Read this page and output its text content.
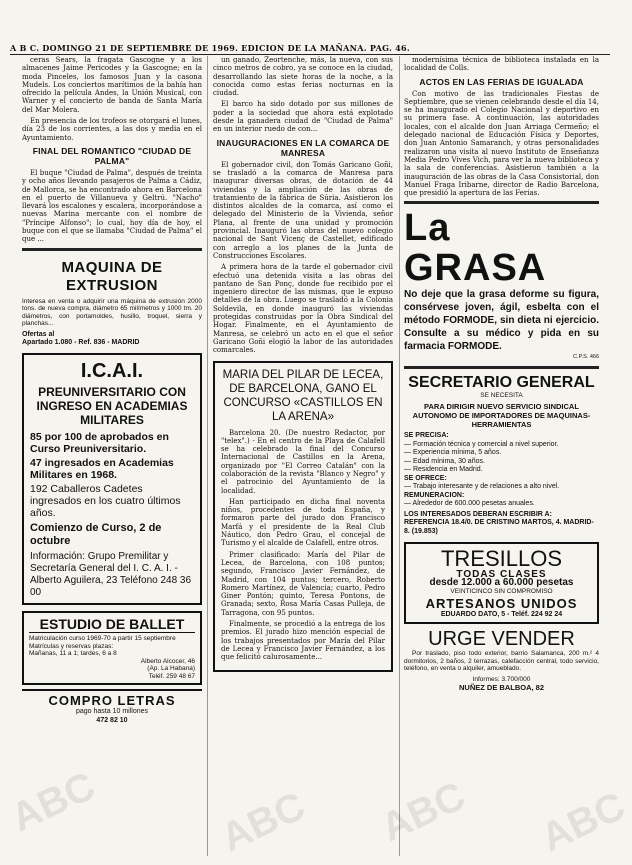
A B C. DOMINGO 21 DE SEPTIEMBRE DE 1969. EDICION DE LA MAÑANA. PAG. 46.

ceras Sears, la fragata Gascogne y a los almacenes Jaime Pericodes y la Gascogne; en la moda Pinceles, los famosos Juan y la casona Mudels. Los conciertos marítimos de la bahía han ofrecido la película Andes, la Unión Musical, con Warner y el concierto de banda de Santa María del Mar Molera.

En presencia de los trofeos se otorgará el lunes, día 23 de los corrientes, a las dos y media en el Ayuntamiento.

FINAL DEL ROMANTICO "CIUDAD DE PALMA"

El buque "Ciudad de Palma", después de treinta y ocho años llevando pasajeros de Palma a Cádiz, de Mallorca, se ha encontrado ahora en Barcelona en el puerto de Villanueva y Geltrú. "Nacho" llevará los escalones y escalera, incorporándose a nuevas Marina mercante con el nombre de "Príncipe Alfonso"; lo cual, hoy día de hoy, el buque con el que se llamaba "Ciudad de Palma" el que ...

MAQUINA DE EXTRUSION

Interesa en venta o adquirir una máquina de extrusión 2000 tons. de nueva compra, diámetro 65 milímetros y 1000 tm. 20 diámetros, con portamoldes, husillo, troquel, sierra y planchas...

Ofertas al
Apartado 1.080 - Ref. 836 - MADRID
I.C.A.I.
PREUNIVERSITARIO CON INGRESO EN ACADEMIAS MILITARES
85 por 100 de aprobados en Curso Preuniversitario.
47 ingresados en Academias Militares en 1968.
192 Caballeros Cadetes ingresados en los cuatro últimos años.
Comienzo de Curso, 2 de octubre
Información: Grupo Premilitar y Secretaría General del I. C. A. I. - Alberto Aguilera, 23 Teléfono 248 36 00
ESTUDIO DE BALLET
Matriculación curso 1969-70 a partir 15 septiembre
Matrículas y reservas plazas:
Mañanas, 11 a 1; tardes, 6 a 8
Alberto Alcocer, 46
(Ap. La Habana)
Teléf. 259 48 67
COMPRO LETRAS
pago hasta 10 millones
472 82 10

un ganado, Zeortenche, más, la nueva, con sus cinco metros de cobro, ya se conoce en la ciudad, desarrollando las siete horas de la noche, a la conocida como estas ferias nocturnas en la ciudad.

El barco ha sido dotado por sus millones de poder a la sociedad que ahora está explotado desde la ganadera ciudad de "Ciudad de Palma" en un interior ruedo de con...

INAUGURACIONES EN LA COMARCA DE MANRESA

El gobernador civil, don Tomás Garicano Goñi, se trasladó a la comarca de Manresa para inaugurar diversas obras, de dotación de 44 viviendas y la ampliación de las obras de tratamiento de la fábrica de Súria. Asistieron los distintos alcaldes de la comarca, así como el delegado del Ministerio de la Vivienda, señor Plana, al frente de una unidad y promoción provincial. Inauguró las obras del nuevo colegio nacional de Sant Vicenç de Castellet, edificado con arreglo a los planes de la Junta de Construcciones Escolares.

A primera hora de la tarde el gobernador civil efectuó una detenida visita a las obras del pantano de San Ponç, donde fue recibido por el ingeniero director de las mismas, que le expuso detalles de la obra. Luego se trasladó a la Colonia Soldevila, en donde inauguró las viviendas protegidas construidas por la Obra Sindical del Hogar. Finalmente, en el Ayuntamiento de Manresa, se celebró un acto en el que el señor Garicano Goñi elogió la labor de las autoridades comarcales.

MARIA DEL PILAR DE LECEA, DE BARCELONA, GANO EL CONCURSO «CASTILLOS EN LA ARENA»

Barcelona 20. (De nuestro Redactor, por "telex".) - En el centro de la Playa de Calafell se ha celebrado la final del Concurso Internacional de Castillos en la Arena, organizado por "El Correo Catalán" con la colaboración de la revista "Blanco y Negro" y el patrocinio del Ayuntamiento de la localidad.

Han participado en dicha final noventa niños, procedentes de toda España, y formaron parte del jurado don Francisco Marfá y el presidente de la Real Club Náutico, don Pedro Grau, el concejal de Turismo y el alcalde de Calafell, entre otros.

Primer clasificado: María del Pilar de Lecea, de Barcelona, con 108 puntos; segundo, Francisco Javier Fernández, de Madrid, con 104 puntos; tercero, Roberto Romero Martínez, de Valencia; cuarto, Pedro Giner Pontón; quinto, Teresa Pontons, de Granada; sexto, Rosa María Casas Pulleja, de Tarragona, con 95 puntos.

Finalmente, se procedió a la entrega de los premios. El jurado hizo mención especial de los trabajos presentados por María del Pilar de Lecea y Francisco Javier Fernández, a los que felicitó calurosamente...

modernísima técnica de biblioteca instalada en la localidad de Colls.

ACTOS EN LAS FERIAS DE IGUALADA

Con motivo de las tradicionales Fiestas de Septiembre, que se vienen celebrando desde el día 14, se ha inaugurado el Colegio Nacional y deportivo en su primera fase. A continuación, las autoridades locales, con el alcalde don Juan Arriaga Cermeño; el delegado nacional de Educación Física y Deportes, don Juan Antonio Samaranch, y otras personalidades realizaron una visita al nuevo Instituto de Enseñanza Media Pedro Vives Vich, para ver la nueva biblioteca y la sala de conferencias. Asistieron también a la inauguración de las obras de la Casa Consistorial, don Manuel Fraga Iribarne, director de Radio Barcelona, que presidió la apertura de las Ferias.

La GRASA
No deje que la grasa deforme su figura, consérvese joven, ágil, esbelta con el método FORMODE, sin dieta ni ejercicio. Consulte a su médico y pida en su farmacia FORMODE.
C.P.S. 466
SECRETARIO GENERAL
SE NECESITA
PARA DIRIGIR NUEVO SERVICIO SINDICAL AUTONOMO DE IMPORTADORES DE MAQUINAS-HERRAMIENTAS
SE PRECISA:
— Formación técnica y comercial a nivel superior.
— Experiencia mínima, 5 años.
— Edad mínima, 30 años.
— Residencia en Madrid.
SE OFRECE:
— Trabajo interesante y de relaciones a alto nivel.
REMUNERACION:
— Alrededor de 600.000 pesetas anuales.
LOS INTERESADOS DEBERAN ESCRIBIR A: REFERENCIA 18.4/0. DE CRISTINO MARTOS, 4. MADRID-8. (19.853)
TRESILLOS
TODAS CLASES
desde 12.000 a 60.000 pesetas
VEINTICINCO SIN COMPROMISO
ARTESANOS UNIDOS
EDUARDO DATO, 5 - Teléf. 224 92 24
URGE VENDER

Por traslado, piso todo exterior, barrio Salamanca, 200 m.² 4 dormitorios, 2 baños, 2 terrazas, calefacción central, todo servicio, teléfono, en venta o alquiler, amueblado.

Informes: 3.700/000
NUÑEZ DE BALBOA, 82
ABC	ABC ABC ABC
